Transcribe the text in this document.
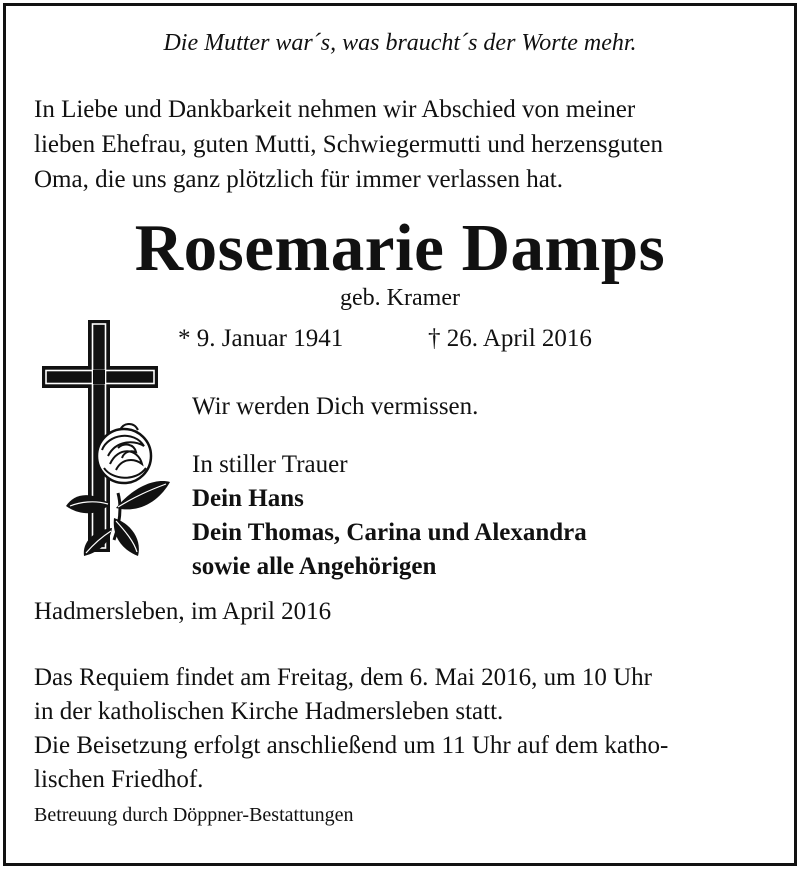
Die Mutter war´s, was braucht´s der Worte mehr.
In Liebe und Dankbarkeit nehmen wir Abschied von meiner
lieben Ehefrau, guten Mutti, Schwiegermutti und herzensguten
Oma, die uns ganz plötzlich für immer verlassen hat.
Rosemarie Damps
geb. Kramer
* 9. Januar 1941	† 26. April 2016
Wir werden Dich vermissen.
In stiller Trauer
Dein Hans
Dein Thomas, Carina und Alexandra
sowie alle Angehörigen
Hadmersleben, im April 2016
Das Requiem findet am Freitag, dem 6. Mai 2016, um 10 Uhr
in der katholischen Kirche Hadmersleben statt.
Die Beisetzung erfolgt anschließend um 11 Uhr auf dem katho-
lischen Friedhof.
Betreuung durch Döppner-Bestattungen
